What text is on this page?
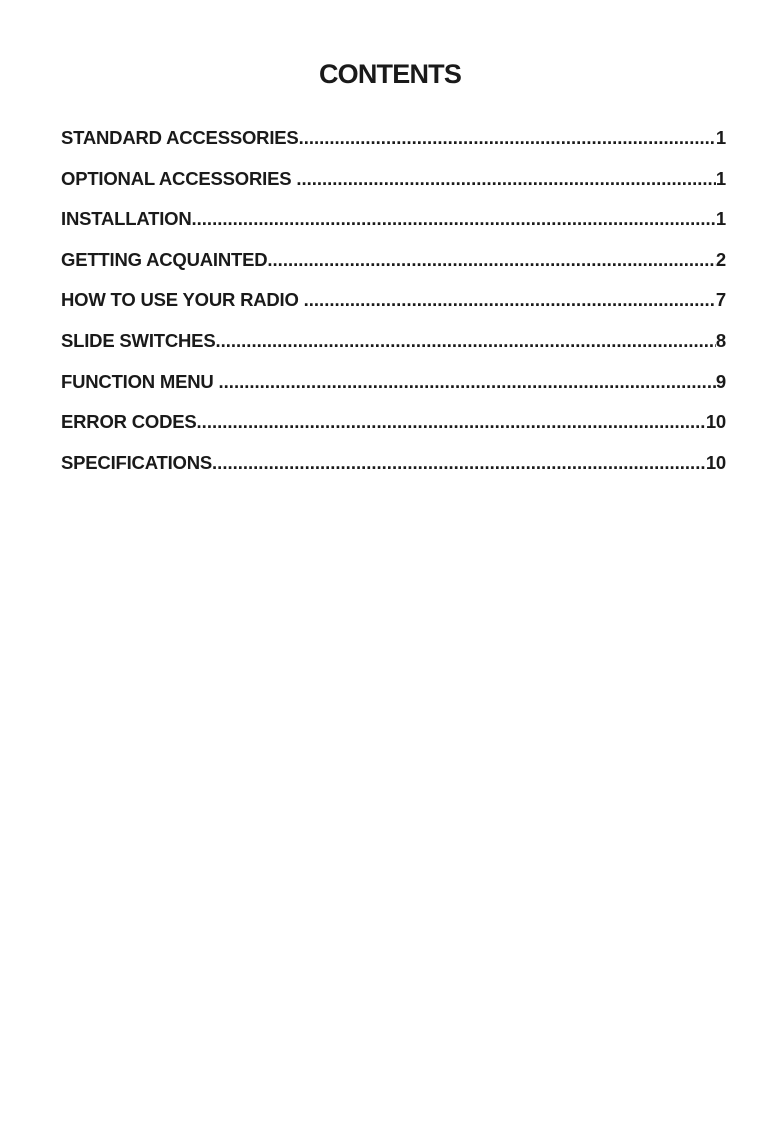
CONTENTS
STANDARD ACCESSORIES .....	1
OPTIONAL ACCESSORIES .....	1
INSTALLATION .....	1
GETTING ACQUAINTED .....	2
HOW TO USE YOUR RADIO .....	7
SLIDE SWITCHES .....	8
FUNCTION MENU .....	9
ERROR CODES .....	10
SPECIFICATIONS .....	10
